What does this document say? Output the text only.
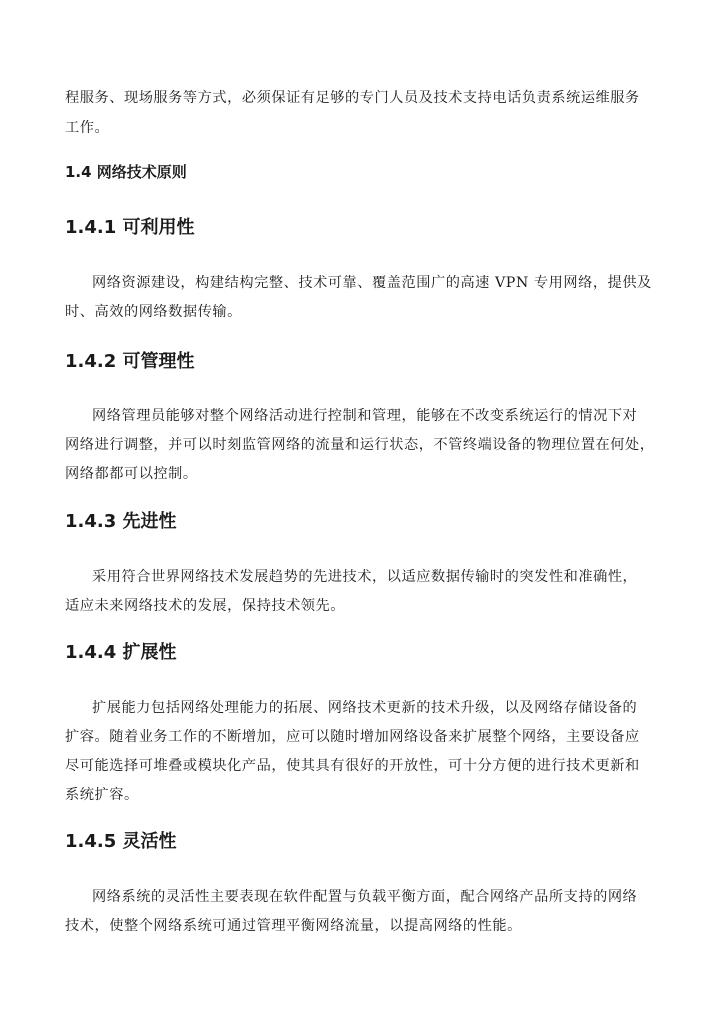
程服务、现场服务等方式，必须保证有足够的专门人员及技术支持电话负责系统运维服务
工作。
1.4 网络技术原则
1.4.1 可利用性
网络资源建设，构建结构完整、技术可靠、覆盖范围广的高速 VPN 专用网络，提供及
时、高效的网络数据传输。
1.4.2 可管理性
网络管理员能够对整个网络活动进行控制和管理，能够在不改变系统运行的情况下对
网络进行调整，并可以时刻监管网络的流量和运行状态，不管终端设备的物理位置在何处，
网络都都可以控制。
1.4.3 先进性
采用符合世界网络技术发展趋势的先进技术，以适应数据传输时的突发性和准确性，
适应未来网络技术的发展，保持技术领先。
1.4.4 扩展性
扩展能力包括网络处理能力的拓展、网络技术更新的技术升级，以及网络存储设备的
扩容。随着业务工作的不断增加，应可以随时增加网络设备来扩展整个网络，主要设备应
尽可能选择可堆叠或模块化产品，使其具有很好的开放性，可十分方便的进行技术更新和
系统扩容。
1.4.5 灵活性
网络系统的灵活性主要表现在软件配置与负载平衡方面，配合网络产品所支持的网络
技术，使整个网络系统可通过管理平衡网络流量，以提高网络的性能。
